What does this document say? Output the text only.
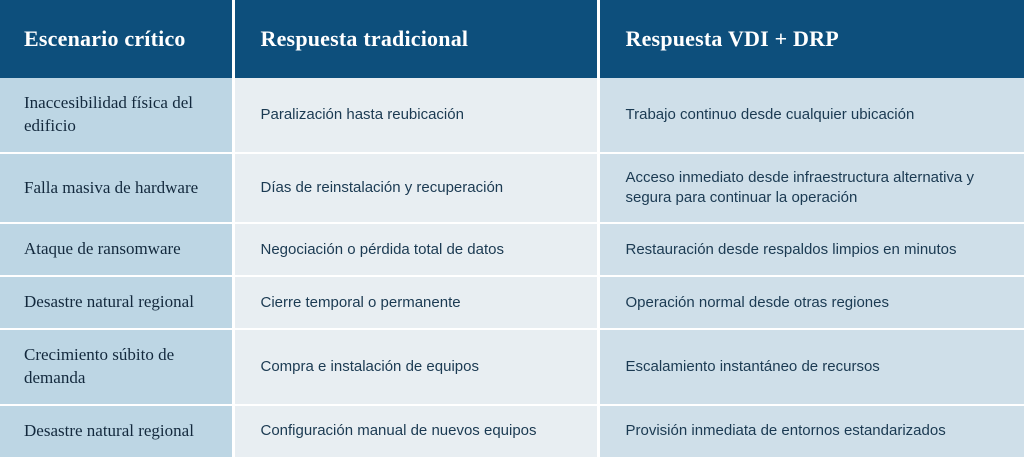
Escenario crítico	Respuesta tradicional	Respuesta VDI + DRP
Inaccesibilidad física del edificio	Paralización hasta reubicación	Trabajo continuo desde cualquier ubicación
Falla masiva de hardware	Días de reinstalación y recuperación	Acceso inmediato desde infraestructura alternativa y segura para continuar la operación
Ataque de ransomware	Negociación o pérdida total de datos	Restauración desde respaldos limpios en minutos
Desastre natural regional	Cierre temporal o permanente	Operación normal desde otras regiones
Crecimiento súbito de demanda	Compra e instalación de equipos	Escalamiento instantáneo de recursos
Desastre natural regional	Configuración manual de nuevos equipos	Provisión inmediata de entornos estandarizados
